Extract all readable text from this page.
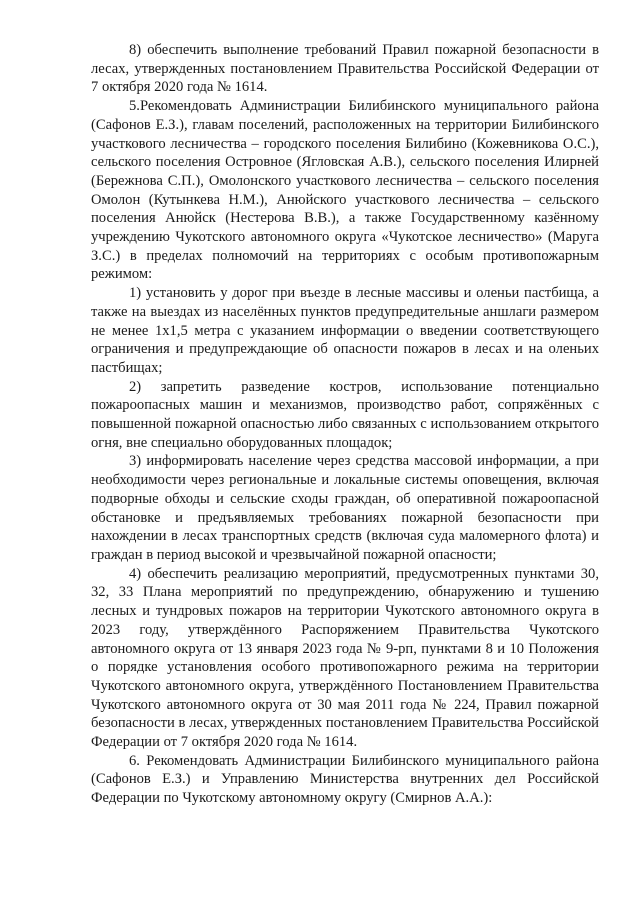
8) обеспечить выполнение требований Правил пожарной безопасности в лесах, утвержденных постановлением Правительства Российской Федерации от 7 октября 2020 года № 1614.

5.Рекомендовать Администрации Билибинского муниципального района (Сафонов Е.З.), главам поселений, расположенных на территории Билибинского участкового лесничества – городского поселения Билибино (Кожевникова О.С.), сельского поселения Островное (Ягловская А.В.), сельского поселения Илирней (Бережнова С.П.), Омолонского участкового лесничества – сельского поселения Омолон (Кутынкева Н.М.), Анюйского участкового лесничества – сельского поселения Анюйск (Нестерова В.В.), а также Государственному казённому учреждению Чукотского автономного округа «Чукотское лесничество» (Маруга З.С.) в пределах полномочий на территориях с особым противопожарным режимом:

1) установить у дорог при въезде в лесные массивы и оленьи пастбища, а также на выездах из населённых пунктов предупредительные аншлаги размером не менее 1х1,5 метра с указанием информации о введении соответствующего ограничения и предупреждающие об опасности пожаров в лесах и на оленьих пастбищах;

2) запретить разведение костров, использование потенциально пожароопасных машин и механизмов, производство работ, сопряжённых с повышенной пожарной опасностью либо связанных с использованием открытого огня, вне специально оборудованных площадок;

3) информировать население через средства массовой информации, а при необходимости через региональные и локальные системы оповещения, включая подворные обходы и сельские сходы граждан, об оперативной пожароопасной обстановке и предъявляемых требованиях пожарной безопасности при нахождении в лесах транспортных средств (включая суда маломерного флота) и граждан в период высокой и чрезвычайной пожарной опасности;

4) обеспечить реализацию мероприятий, предусмотренных пунктами 30, 32, 33 Плана мероприятий по предупреждению, обнаружению и тушению лесных и тундровых пожаров на территории Чукотского автономного округа в 2023 году, утверждённого Распоряжением Правительства Чукотского автономного округа от 13 января 2023 года № 9-рп, пунктами 8 и 10 Положения о порядке установления особого противопожарного режима на территории Чукотского автономного округа, утверждённого Постановлением Правительства Чукотского автономного округа от 30 мая 2011 года № 224, Правил пожарной безопасности в лесах, утвержденных постановлением Правительства Российской Федерации от 7 октября 2020 года № 1614.

6. Рекомендовать Администрации Билибинского муниципального района (Сафонов Е.З.) и Управлению Министерства внутренних дел Российской Федерации по Чукотскому автономному округу (Смирнов А.А.):
